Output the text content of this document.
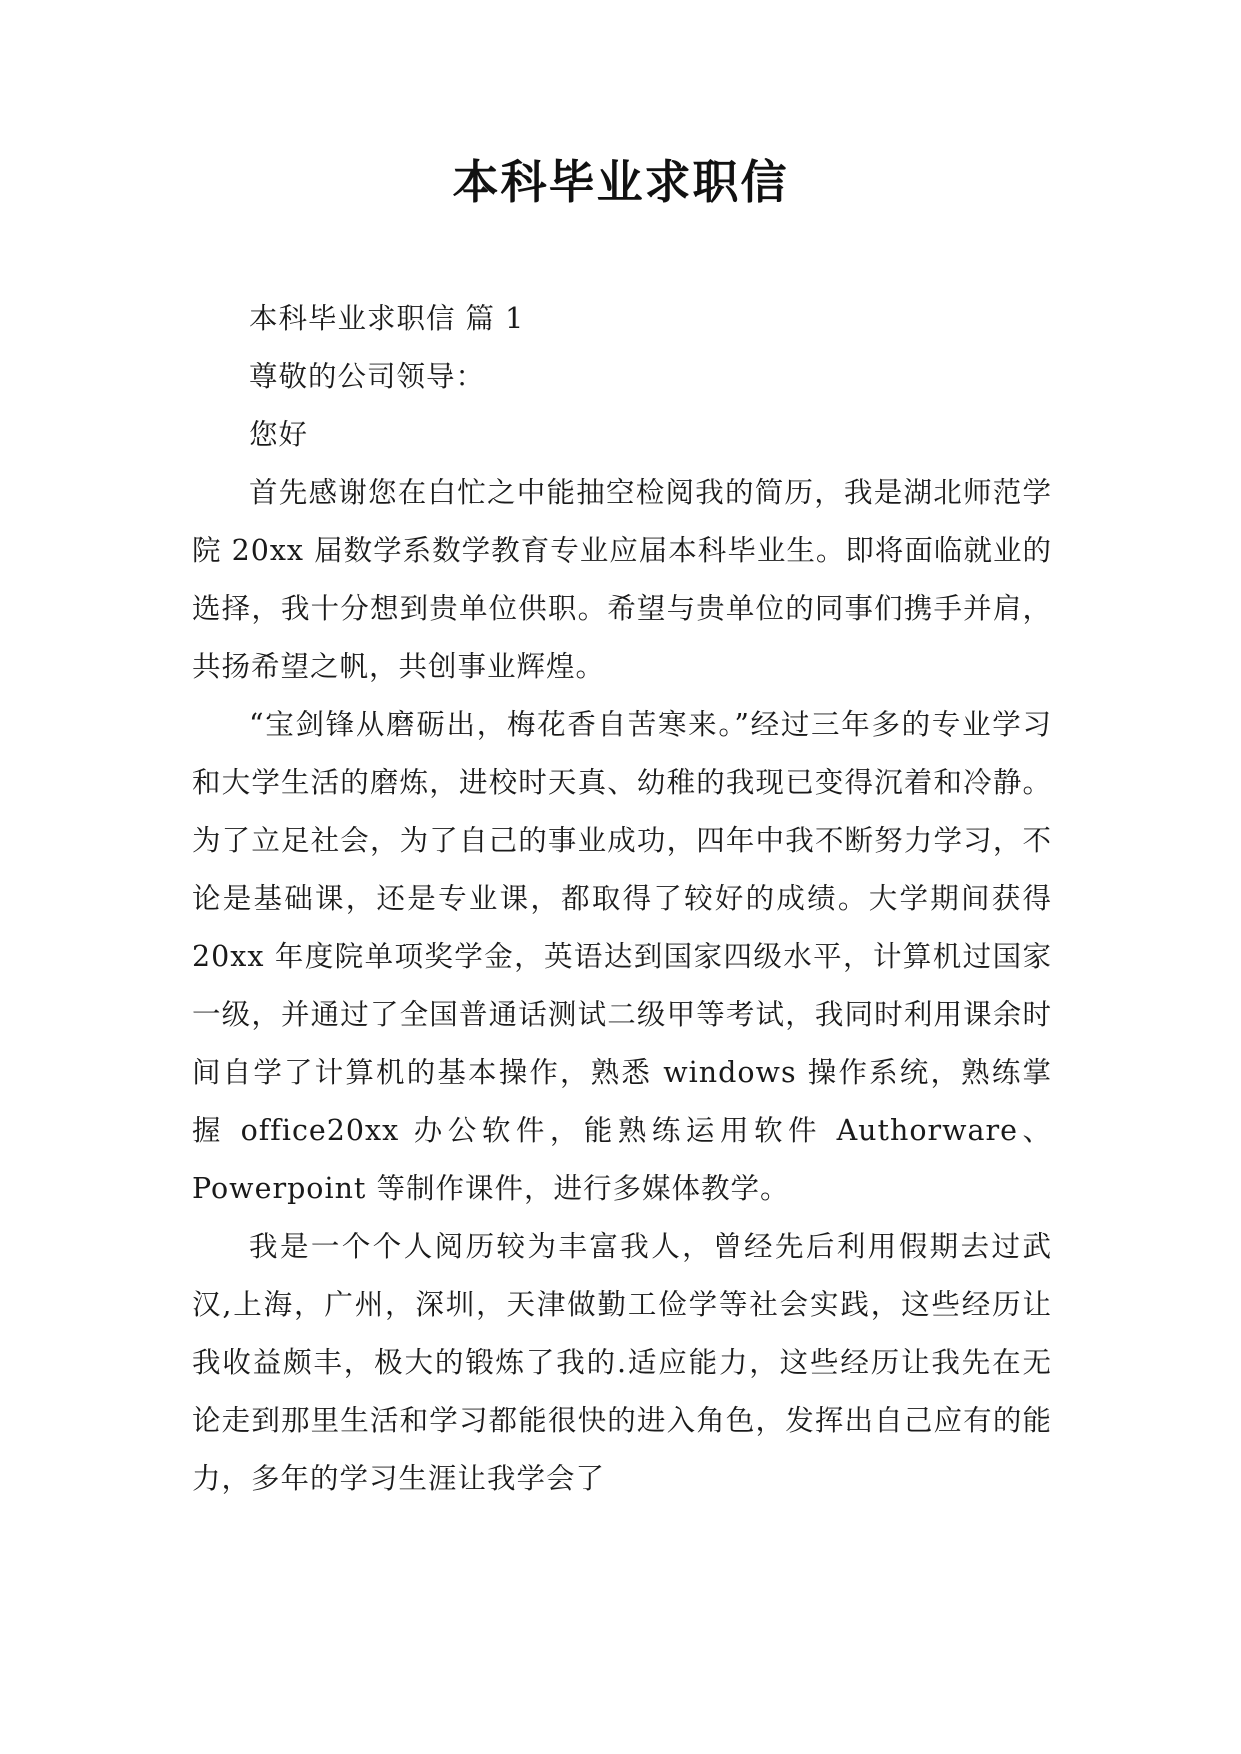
本科毕业求职信

本科毕业求职信 篇 1

尊敬的公司领导：

您好

首先感谢您在白忙之中能抽空检阅我的简历，我是湖北师范学院 20xx 届数学系数学教育专业应届本科毕业生。即将面临就业的选择，我十分想到贵单位供职。希望与贵单位的同事们携手并肩，共扬希望之帆，共创事业辉煌。

“宝剑锋从磨砺出，梅花香自苦寒来。”经过三年多的专业学习和大学生活的磨炼，进校时天真、幼稚的我现已变得沉着和冷静。为了立足社会，为了自己的事业成功，四年中我不断努力学习，不论是基础课，还是专业课，都取得了较好的成绩。大学期间获得 20xx 年度院单项奖学金，英语达到国家四级水平，计算机过国家一级，并通过了全国普通话测试二级甲等考试，我同时利用课余时间自学了计算机的基本操作，熟悉 windows 操作系统，熟练掌握 office20xx 办公软件，能熟练运用软件 Authorware、Powerpoint 等制作课件，进行多媒体教学。

我是一个个人阅历较为丰富我人，曾经先后利用假期去过武汉,上海，广州，深圳，天津做勤工俭学等社会实践，这些经历让我收益颇丰，极大的锻炼了我的.适应能力，这些经历让我先在无论走到那里生活和学习都能很快的进入角色，发挥出自己应有的能力，多年的学习生涯让我学会了
